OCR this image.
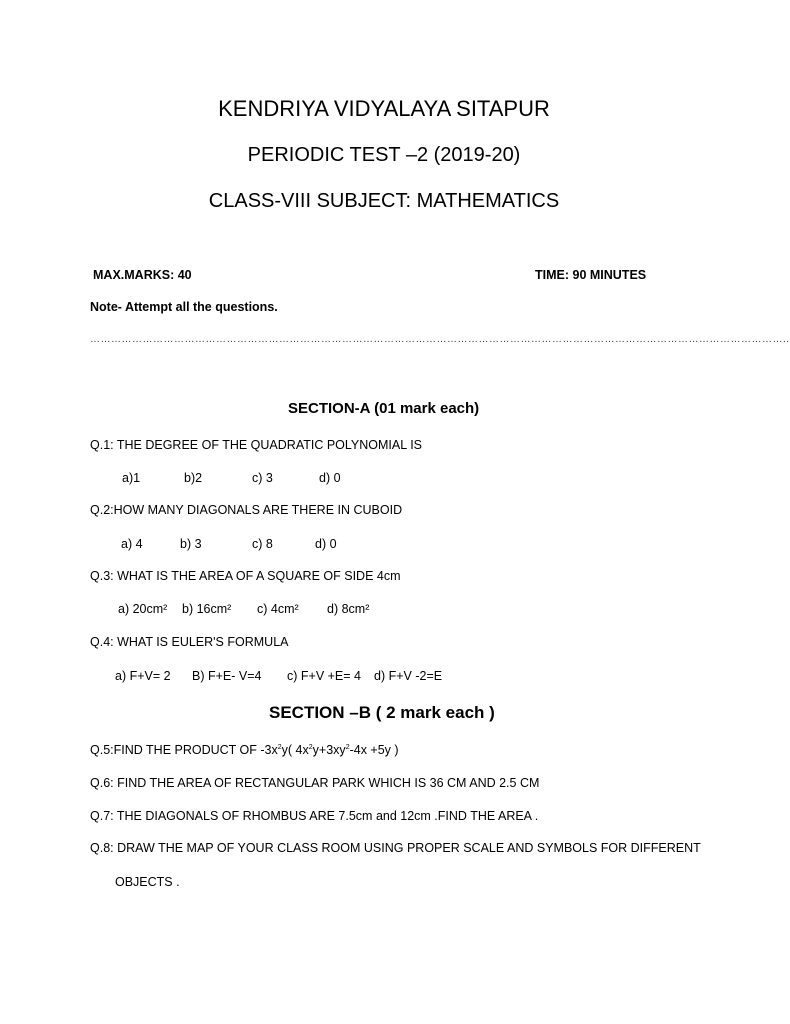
KENDRIYA VIDYALAYA SITAPUR
PERIODIC TEST –2 (2019-20)
CLASS-VIII SUBJECT: MATHEMATICS
MAX.MARKS: 40	TIME: 90 MINUTES
Note- Attempt all the questions.
………………………………………………………………………………………………………………………………………………………………………………..
SECTION-A (01 mark each)
Q.1: THE DEGREE OF THE QUADRATIC POLYNOMIAL IS
a)1	b)2	c) 3	d) 0
Q.2:HOW MANY DIAGONALS ARE THERE IN CUBOID
a) 4	b) 3	c) 8	d) 0
Q.3: WHAT IS THE AREA OF A SQUARE OF SIDE 4cm
a) 20cm² b) 16cm² c) 4cm² d) 8cm²
Q.4: WHAT IS EULER'S FORMULA
a) F+V= 2 B) F+E- V=4 c) F+V +E= 4 d) F+V -2=E
SECTION –B ( 2 mark each )
Q.5:FIND THE PRODUCT OF $-3x^2y$( $4x^2y+3xy^2-4x +5y$ )
Q.6: FIND THE AREA OF RECTANGULAR PARK WHICH IS 36 CM AND 2.5 CM
Q.7: THE DIAGONALS OF RHOMBUS ARE 7.5cm and 12cm .FIND THE AREA .
Q.8: DRAW THE MAP OF YOUR CLASS ROOM USING PROPER SCALE AND SYMBOLS FOR DIFFERENT
OBJECTS .
